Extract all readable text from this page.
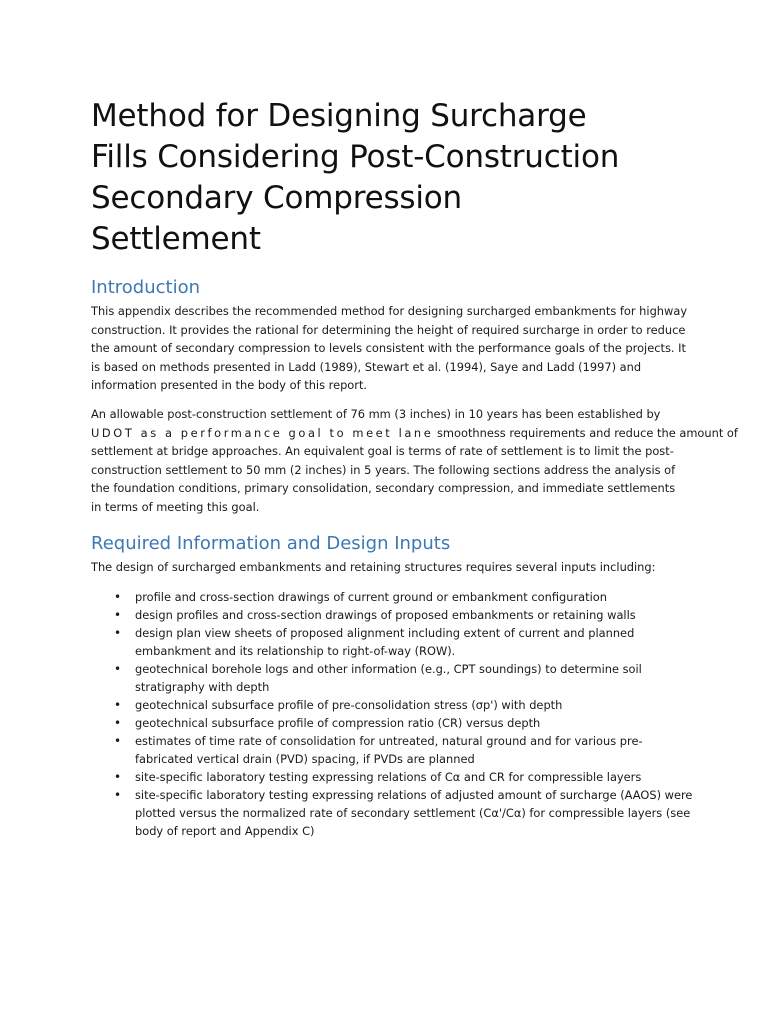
Method for Designing Surcharge
Fills Considering Post-Construction
Secondary Compression
Settlement
Introduction

This appendix describes the recommended method for designing surcharged embankments for highway
construction. It provides the rational for determining the height of required surcharge in order to reduce
the amount of secondary compression to levels consistent with the performance goals of the projects. It
is based on methods presented in Ladd (1989), Stewart et al. (1994), Saye and Ladd (1997) and
information presented in the body of this report.

An allowable post-construction settlement of 76 mm (3 inches) in 10 years has been established by
UDOT as a performance goal to meet lane smoothness requirements and reduce the amount of
settlement at bridge approaches. An equivalent goal is terms of rate of settlement is to limit the post-
construction settlement to 50 mm (2 inches) in 5 years. The following sections address the analysis of
the foundation conditions, primary consolidation, secondary compression, and immediate settlements
in terms of meeting this goal.

Required Information and Design Inputs

The design of surcharged embankments and retaining structures requires several inputs including:

• profile and cross-section drawings of current ground or embankment configuration
• design profiles and cross-section drawings of proposed embankments or retaining walls
• design plan view sheets of proposed alignment including extent of current and planned
embankment and its relationship to right-of-way (ROW).
• geotechnical borehole logs and other information (e.g., CPT soundings) to determine soil
stratigraphy with depth
• geotechnical subsurface profile of pre-consolidation stress (σp') with depth
• geotechnical subsurface profile of compression ratio (CR) versus depth
• estimates of time rate of consolidation for untreated, natural ground and for various pre-
fabricated vertical drain (PVD) spacing, if PVDs are planned
• site-specific laboratory testing expressing relations of Cα and CR for compressible layers
• site-specific laboratory testing expressing relations of adjusted amount of surcharge (AAOS) were
plotted versus the normalized rate of secondary settlement (Cα'/Cα) for compressible layers (see
body of report and Appendix C)
